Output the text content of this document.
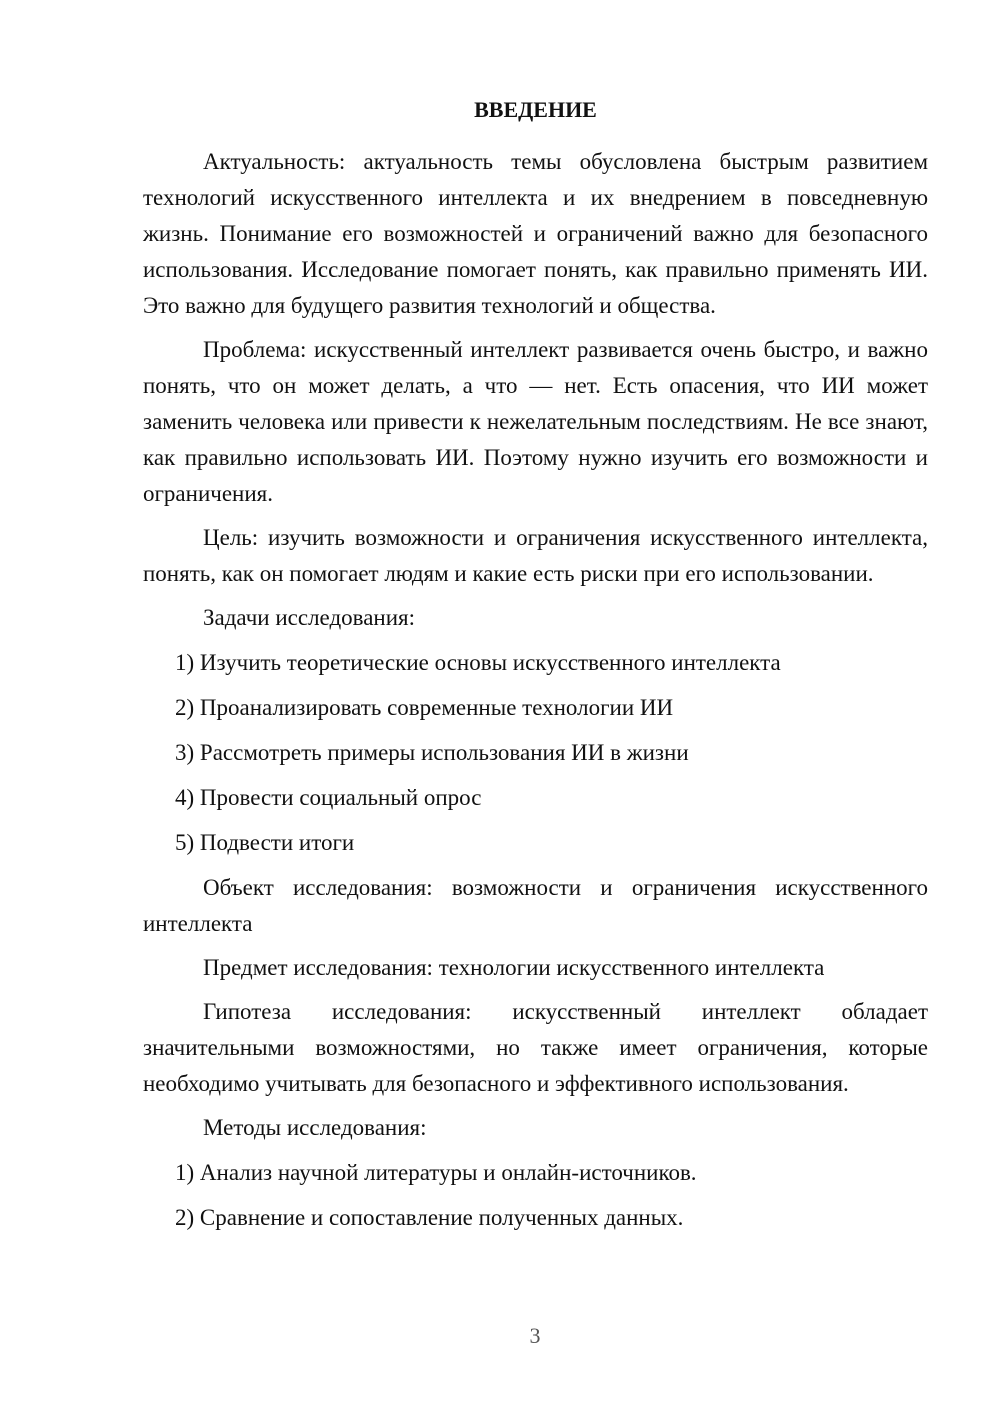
ВВЕДЕНИЕ

Актуальность: актуальность темы обусловлена быстрым развитием технологий искусственного интеллекта и их внедрением в повседневную жизнь. Понимание его возможностей и ограничений важно для безопасного использования. Исследование помогает понять, как правильно применять ИИ. Это важно для будущего развития технологий и общества.

Проблема: искусственный интеллект развивается очень быстро, и важно понять, что он может делать, а что — нет. Есть опасения, что ИИ может заменить человека или привести к нежелательным последствиям. Не все знают, как правильно использовать ИИ. Поэтому нужно изучить его возможности и ограничения.

Цель: изучить возможности и ограничения искусственного интеллекта, понять, как он помогает людям и какие есть риски при его использовании.

Задачи исследования:

1) Изучить теоретические основы искусственного интеллекта
2) Проанализировать современные технологии ИИ
3) Рассмотреть примеры использования ИИ в жизни
4) Провести социальный опрос
5) Подвести итоги

Объект исследования: возможности и ограничения искусственного интеллекта

Предмет исследования: технологии искусственного интеллекта

Гипотеза исследования: искусственный интеллект обладает значительными возможностями, но также имеет ограничения, которые необходимо учитывать для безопасного и эффективного использования.

Методы исследования:

1) Анализ научной литературы и онлайн-источников.
2) Сравнение и сопоставление полученных данных.
3
